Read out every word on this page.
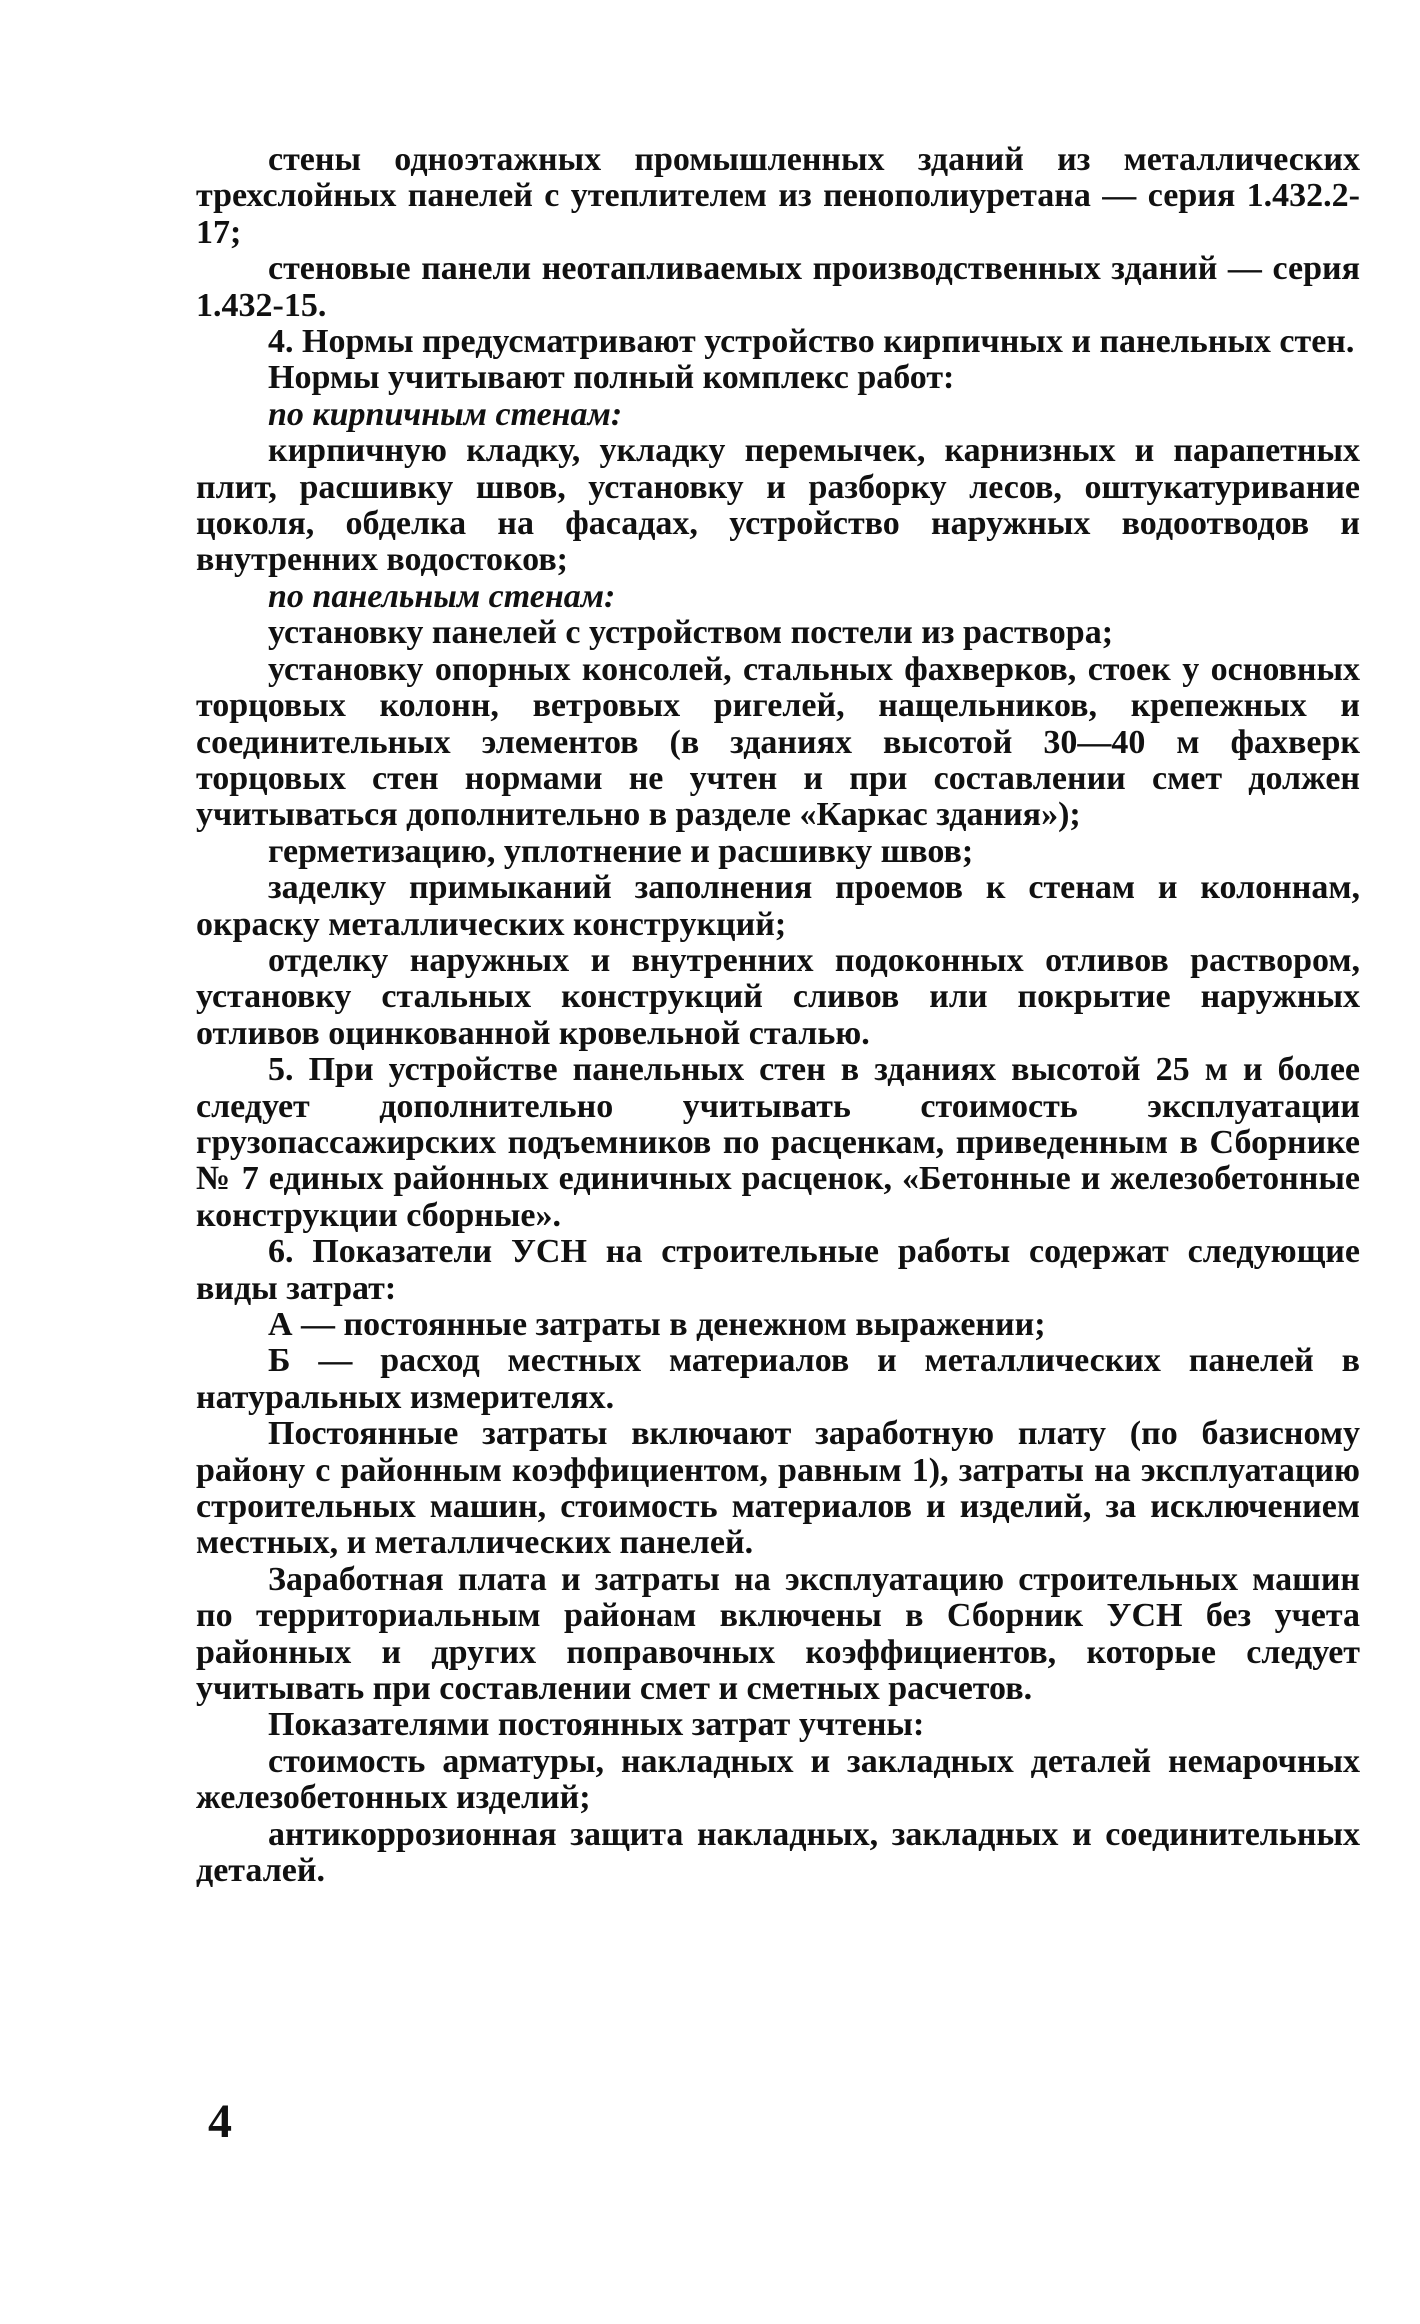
стены одноэтажных промышленных зданий из металлических трехслойных панелей с утеплителем из пенополиуретана — серия 1.432.2-17;

стеновые панели неотапливаемых производственных зданий — серия 1.432-15.

4. Нормы предусматривают устройство кирпичных и панельных стен.

Нормы учитывают полный комплекс работ:

по кирпичным стенам:

кирпичную кладку, укладку перемычек, карнизных и парапетных плит, расшивку швов, установку и разборку лесов, оштукатуривание цоколя, обделка на фасадах, устройство наружных водоотводов и внутренних водостоков;

по панельным стенам:

установку панелей с устройством постели из раствора;

установку опорных консолей, стальных фахверков, стоек у основных торцовых колонн, ветровых ригелей, нащельников, крепежных и соединительных элементов (в зданиях высотой 30—40 м фахверк торцовых стен нормами не учтен и при составлении смет должен учитываться дополнительно в разделе «Каркас здания»);

герметизацию, уплотнение и расшивку швов;

заделку примыканий заполнения проемов к стенам и колоннам, окраску металлических конструкций;

отделку наружных и внутренних подоконных отливов раствором, установку стальных конструкций сливов или покрытие наружных отливов оцинкованной кровельной сталью.

5. При устройстве панельных стен в зданиях высотой 25 м и более следует дополнительно учитывать стоимость эксплуатации грузопассажирских подъемников по расценкам, приведенным в Сборнике № 7 единых районных единичных расценок, «Бетонные и железобетонные конструкции сборные».

6. Показатели УСН на строительные работы содержат следующие виды затрат:

А — постоянные затраты в денежном выражении;

Б — расход местных материалов и металлических панелей в натуральных измерителях.

Постоянные затраты включают заработную плату (по базисному району с районным коэффициентом, равным 1), затраты на эксплуатацию строительных машин, стоимость материалов и изделий, за исключением местных, и металлических панелей.

Заработная плата и затраты на эксплуатацию строительных машин по территориальным районам включены в Сборник УСН без учета районных и других поправочных коэффициентов, которые следует учитывать при составлении смет и сметных расчетов.

Показателями постоянных затрат учтены:

стоимость арматуры, накладных и закладных деталей немарочных железобетонных изделий;

антикоррозионная защита накладных, закладных и соединительных деталей.

4
